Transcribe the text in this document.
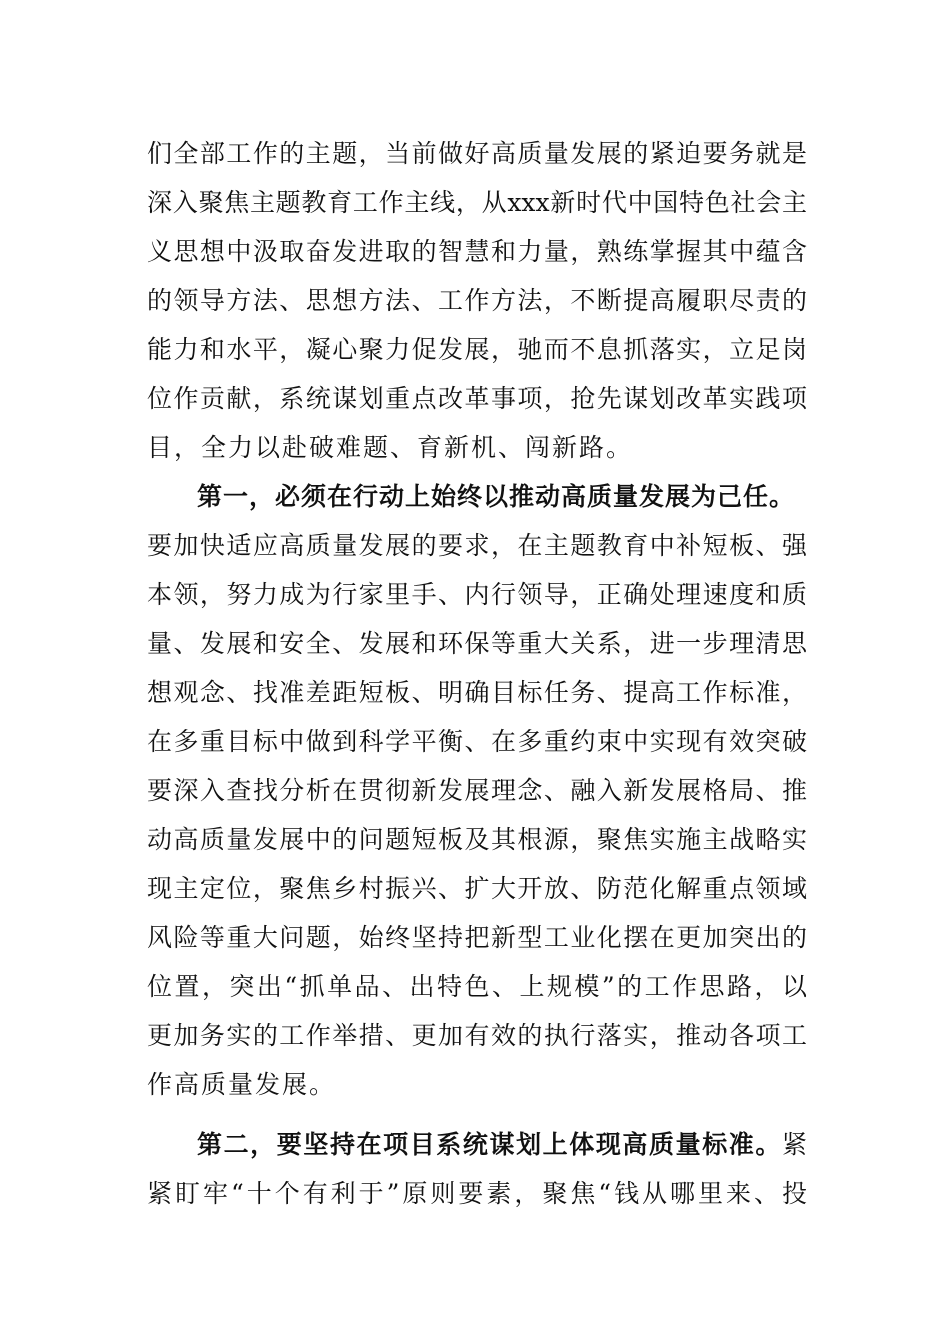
们全部工作的主题，当前做好高质量发展的紧迫要务就是
深入聚焦主题教育工作主线，从xxx新时代中国特色社会主
义思想中汲取奋发进取的智慧和力量，熟练掌握其中蕴含
的领导方法、思想方法、工作方法，不断提高履职尽责的
能力和水平，凝心聚力促发展，驰而不息抓落实，立足岗
位作贡献，系统谋划重点改革事项，抢先谋划改革实践项
目，全力以赴破难题、育新机、闯新路。
第一，必须在行动上始终以推动高质量发展为己任。
要加快适应高质量发展的要求，在主题教育中补短板、强
本领，努力成为行家里手、内行领导，正确处理速度和质
量、发展和安全、发展和环保等重大关系，进一步理清思
想观念、找准差距短板、明确目标任务、提高工作标准，
在多重目标中做到科学平衡、在多重约束中实现有效突破
要深入查找分析在贯彻新发展理念、融入新发展格局、推
动高质量发展中的问题短板及其根源，聚焦实施主战略实
现主定位，聚焦乡村振兴、扩大开放、防范化解重点领域
风险等重大问题，始终坚持把新型工业化摆在更加突出的
位置，突出“抓单品、出特色、上规模”的工作思路，以
更加务实的工作举措、更加有效的执行落实，推动各项工
作高质量发展。
第二，要坚持在项目系统谋划上体现高质量标准。紧
紧盯牢“十个有利于”原则要素，聚焦“钱从哪里来、投
